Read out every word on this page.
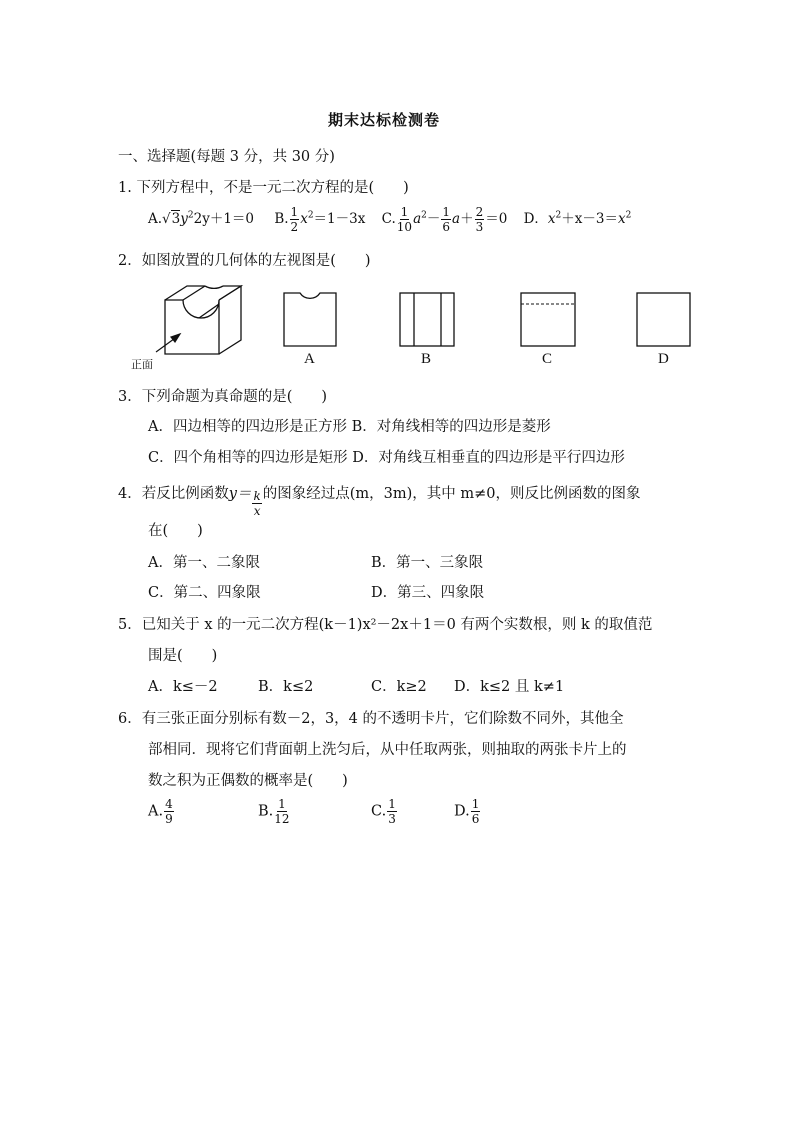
期末达标检测卷
一、选择题(每题 3 分，共 30 分)
1. 下列方程中，不是一元二次方程的是(　　)
$A.√3y^22y+1=0$ B. $\frac{1}{2} x^2=1-3x$ C. $\frac{1}{10} a^2- \frac{1}{6} a+ \frac{2}{3} =0$ D．$x^2+x-3=x^2$
2．如图放置的几何体的左视图是(　　)
正面	A	B	C	D
3．下列命题为真命题的是(　　)
A．四边相等的四边形是正方形 B．对角线相等的四边形是菱形
C．四个角相等的四边形是矩形 D．对角线互相垂直的四边形是平行四边形
4．若反比例函数$y= \frac{k}{x}$ 的图象经过点(m，3m)，其中 m≠0，则反比例函数的图象
在(　　)
A．第一、二象限	B．第一、三象限
C．第二、四象限	D．第三、四象限
5．已知关于 x 的一元二次方程(k－1)x²－2x＋1＝0 有两个实数根，则 k 的取值范
围是(　　)
A．k≤－2	B．k≤2	C．k≥2 D．k≤2 且 k≠1
6．有三张正面分别标有数－2，3，4 的不透明卡片，它们除数不同外，其他全
部相同．现将它们背面朝上洗匀后，从中任取两张，则抽取的两张卡片上的
数之积为正偶数的概率是(　　)
A. $\frac{4}{9}$	B. $\frac{1}{12}$	C. $\frac{1}{3}$	D. $\frac{1}{6}$
